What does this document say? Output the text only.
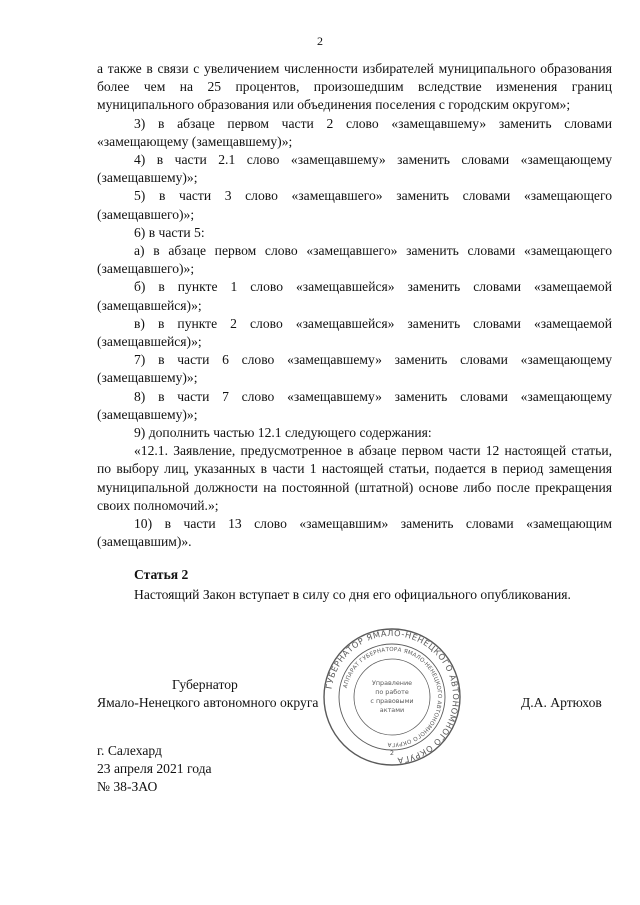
2

а также в связи с увеличением численности избирателей муниципального образования более чем на 25 процентов, произошедшим вследствие изменения границ муниципального образования или объединения поселения с городским округом»;

3) в абзаце первом части 2 слово «замещавшему» заменить словами «замещающему (замещавшему)»;

4) в части 2.1 слово «замещавшему» заменить словами «замещающему (замещавшему)»;

5) в части 3 слово «замещавшего» заменить словами «замещающего (замещавшего)»;

6) в части 5:

а) в абзаце первом слово «замещавшего» заменить словами «замещающего (замещавшего)»;

б) в пункте 1 слово «замещавшейся» заменить словами «замещаемой (замещавшейся)»;

в) в пункте 2 слово «замещавшейся» заменить словами «замещаемой (замещавшейся)»;

7) в части 6 слово «замещавшему» заменить словами «замещающему (замещавшему)»;

8) в части 7 слово «замещавшему» заменить словами «замещающему (замещавшему)»;

9) дополнить частью 12.1 следующего содержания:

«12.1. Заявление, предусмотренное в абзаце первом части 12 настоящей статьи, по выбору лиц, указанных в части 1 настоящей статьи, подается в период замещения муниципальной должности на постоянной (штатной) основе либо после прекращения своих полномочий.»;

10) в части 13 слово «замещавшим» заменить словами «замещающим (замещавшим)».

Статья 2

Настоящий Закон вступает в силу со дня его официального опубликования.

Губернатор
Ямало-Ненецкого автономного округа	Д.А. Артюхов
ГУБЕРНАТОР ЯМАЛО-НЕНЕЦКОГО АВТОНОМНОГО ОКРУГА
АППАРАТ ГУБЕРНАТОРА ЯМАЛО-НЕНЕЦКОГО АВТОНОМНОГО ОКРУГА
Управление
по работе
с правовыми
актами
2
г. Салехард
23 апреля 2021 года
№ 38-ЗАО
